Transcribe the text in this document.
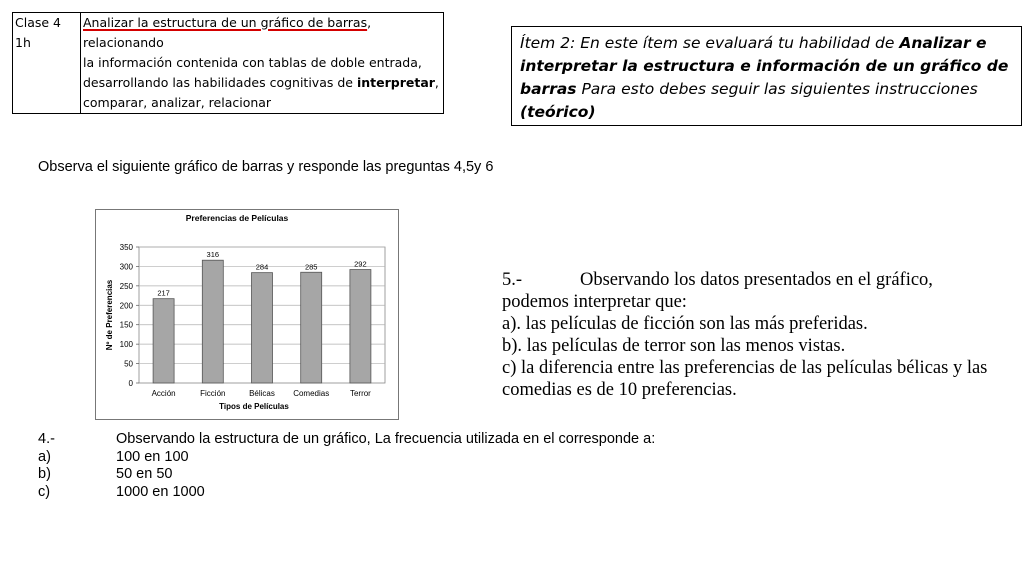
Clase 4
1h

Analizar la estructura de un gráfico de barras, relacionando
la información contenida con tablas de doble entrada,
desarrollando las habilidades cognitivas de interpretar,
comparar, analizar, relacionar
Ítem 2: En este ítem se evaluará tu habilidad de Analizar e interpretar la estructura e información de un gráfico de barras Para esto debes seguir las siguientes instrucciones (teórico)
Observa el siguiente gráfico de barras y responde las preguntas 4,5y 6
Preferencias de Películas
0
50
100
150
200
250
300
350
217
Acción
316
Ficción
284
Bélicas
285
Comedias
292
Terror
Tipos de Películas
Nº de Preferencias	5.-	Observando los datos presentados en el gráfico,
podemos interpretar que:
a). las películas de ficción son las más preferidas.
b). las películas de terror son las menos vistas.
c) la diferencia entre las preferencias de las películas bélicas y las comedias es de 10 preferencias.
4.-	Observando la estructura de un gráfico, La frecuencia utilizada en el corresponde a:
a)	100 en 100
b)	50 en 50
c)	1000 en 1000
